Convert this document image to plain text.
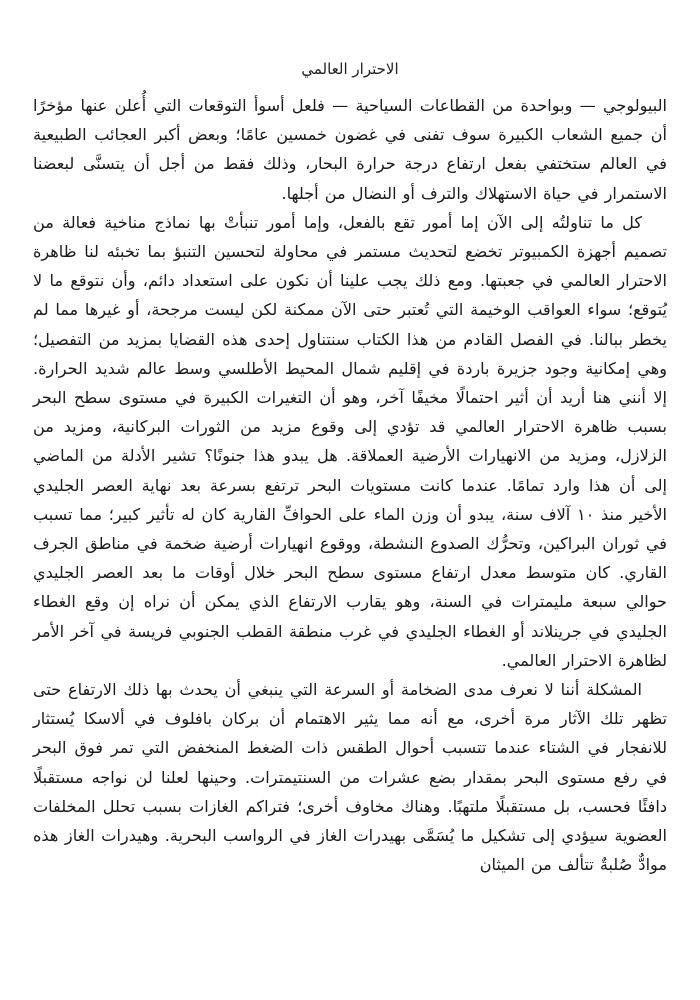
الاحترار العالمي

البيولوجي — وبواحدة من القطاعات السياحية — فلعل أسوأ التوقعات التي أُعلن عنها مؤخرًا أن جميع الشعاب الكبيرة سوف تفنى في غضون خمسين عامًا؛ وبعض أكبر العجائب الطبيعية في العالم ستختفي بفعل ارتفاع درجة حرارة البحار، وذلك فقط من أجل أن يتسنَّى لبعضنا الاستمرار في حياة الاستهلاك والترف أو النضال من أجلها.

كل ما تناولتُه إلى الآن إما أمور تقع بالفعل، وإما أمور تنبأتْ بها نماذج مناخية فعالة من تصميم أجهزة الكمبيوتر تخضع لتحديث مستمر في محاولة لتحسين التنبؤ بما تخبئه لنا ظاهرة الاحترار العالمي في جعبتها. ومع ذلك يجب علينا أن نكون على استعداد دائم، وأن نتوقع ما لا يُتوقع؛ سواء العواقب الوخيمة التي تُعتبر حتى الآن ممكنة لكن ليست مرجحة، أو غيرها مما لم يخطر ببالنا. في الفصل القادم من هذا الكتاب سنتناول إحدى هذه القضايا بمزيد من التفصيل؛ وهي إمكانية وجود جزيرة باردة في إقليم شمال المحيط الأطلسي وسط عالم شديد الحرارة. إلا أنني هنا أريد أن أثير احتمالًا مخيفًا آخر، وهو أن التغيرات الكبيرة في مستوى سطح البحر بسبب ظاهرة الاحترار العالمي قد تؤدي إلى وقوع مزيد من الثورات البركانية، ومزيد من الزلازل، ومزيد من الانهيارات الأرضية العملاقة. هل يبدو هذا جنونًا؟ تشير الأدلة من الماضي إلى أن هذا وارد تمامًا. عندما كانت مستويات البحر ترتفع بسرعة بعد نهاية العصر الجليدي الأخير منذ ١٠ آلاف سنة، يبدو أن وزن الماء على الحوافِّ القارية كان له تأثير كبير؛ مما تسبب في ثوران البراكين، وتحرُّك الصدوع النشطة، ووقوع انهيارات أرضية ضخمة في مناطق الجرف القاري. كان متوسط معدل ارتفاع مستوى سطح البحر خلال أوقات ما بعد العصر الجليدي حوالي سبعة مليمترات في السنة، وهو يقارب الارتفاع الذي يمكن أن نراه إن وقع الغطاء الجليدي في جرينلاند أو الغطاء الجليدي في غرب منطقة القطب الجنوبي فريسة في آخر الأمر لظاهرة الاحترار العالمي.

المشكلة أننا لا نعرف مدى الضخامة أو السرعة التي ينبغي أن يحدث بها ذلك الارتفاع حتى تظهر تلك الآثار مرة أخرى، مع أنه مما يثير الاهتمام أن بركان بافلوف في ألاسكا يُستثار للانفجار في الشتاء عندما تتسبب أحوال الطقس ذات الضغط المنخفض التي تمر فوق البحر في رفع مستوى البحر بمقدار بضع عشرات من السنتيمترات. وحينها لعلنا لن نواجه مستقبلًا دافئًا فحسب، بل مستقبلًا ملتهبًا. وهناك مخاوف أخرى؛ فتراكم الغازات بسبب تحلل المخلفات العضوية سيؤدي إلى تشكيل ما يُسَمَّى بهيدرات الغاز في الرواسب البحرية. وهيدرات الغاز هذه موادٌّ صُلبةٌ تتألف من الميثان
